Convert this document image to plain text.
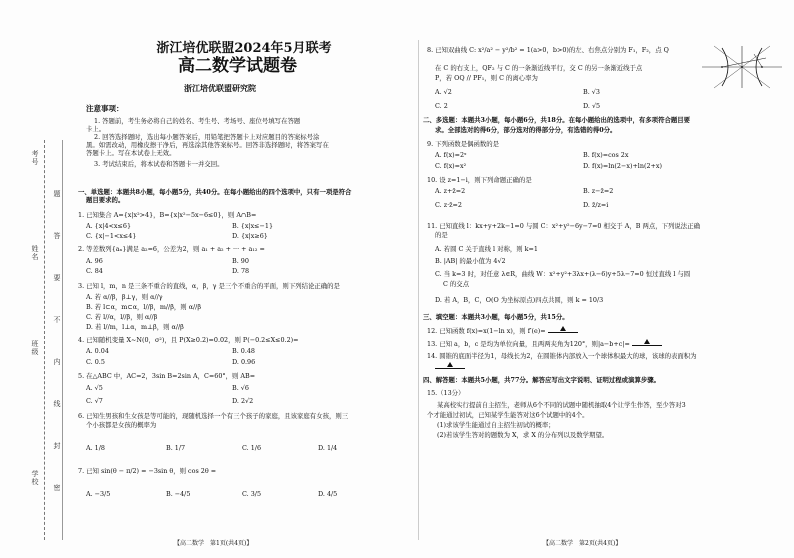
考号
姓名
班级
学校 题　答　要　不　内　线　封　密
浙江培优联盟2024年5月联考
高二数学试题卷
浙江培优联盟研究院
注意事项：
1. 答题前，考生务必将自己的姓名、考生号、考场号、座位号填写在答题
卡上。
2. 回答选择题时，选出每小题答案后，用铅笔把答题卡上对应题目的答案标号涂
黑。如需改动，用橡皮擦干净后，再选涂其他答案标号。回答非选择题时，将答案写在
答题卡上。写在本试卷上无效。
3. 考试结束后，将本试卷和答题卡一并交回。
一、单选题：本题共8小题，每小题5分，共40分。在每小题给出的四个选项中，只有一项是符合
题目要求的。
1. 已知集合 A={x|x²>4}，B={x|x²−5x−6≤0}，则 A∩B=
A. {x|4<x≤6}	B. {x|x≤−1}
C. {x|−1<x≤4}	D. {x|x≥6}
2. 等差数列{aₙ}满足 a₂=6，公差为2，则 a₁ + a₂ + ··· + a₁₂ =
A. 96	B. 90
C. 84	D. 78
3. 已知 l，m，n 是三条不重合的直线，α，β，γ 是三个不重合的平面，则下列结论正确的是
A. 若 α//β，β⊥γ，则 α//γ
B. 若 l⊂α，m⊂α，l//β，m//β，则 α//β
C. 若 l//α，l//β，则 α//β
D. 若 l//m，l⊥α，m⊥β，则 α//β
4. 已知随机变量 X~N(0，σ²)，且 P(X≥0.2)=0.02，则 P(−0.2≤X≤0.2)=
A. 0.04	B. 0.48
C. 0.5	D. 0.96
5. 在△ABC 中，AC=2，3sin B=2sin A，C=60°，则 AB=
A. √5	B. √6
C. √7	D. 2√2
6. 已知生男孩和生女孩是等可能的，现随机选择一个有三个孩子的家庭，且该家庭有女孩，则三
个小孩都是女孩的概率为
A. 1/8	B. 1/7	C. 1/6	D. 1/4
7. 已知 sin(θ − π/2) = −3sin θ，则 cos 2θ =
A. −3/5	B. −4/5	C. 3/5	D. 4/5
【高二数学　第1页(共4页)】
8. 已知双曲线 C: x²/a² − y²/b² = 1(a>0，b>0)的左、右焦点分别为 F₁，F₂，点 Q
在 C 的右支上，QF₂ 与 C 的一条渐近线平行，交 C 的另一条渐近线于点
P，若 OQ // PF₁，则 C 的离心率为
A. √2	B. √3
C. 2	D. √5
二、多选题：本题共3小题，每小题6分，共18分。在每小题给出的选项中，有多项符合题目要
求。全部选对的得6分，部分选对的得部分分，有选错的得0分。
9. 下列函数是偶函数的是
A. f(x)=2ˣ	B. f(x)=cos 2x
C. f(x)=x²	D. f(x)=ln(2−x)+ln(2+x)
10. 设 z=1−i，则下列命题正确的是
A. z+z̄=2	B. z−z̄=2
C. z·z̄=2	D. z̄/z=i
11. 已知直线 l：kx+y+2k−1=0 与圆 C：x²+y²−6y−7=0 相交于 A，B 两点，下列说法正确
的是
A. 若圆 C 关于直线 l 对称，则 k=1
B. |AB| 的最小值为 4√2
C. 当 k=3 时，对任意 λ∈R，曲线 W：x²+y²+3λx+(λ−6)y+5λ−7=0 恒过直线 l 与圆
C 的交点
D. 若 A，B，C，O(O 为坐标原点)四点共圆，则 k = 10/3
三、填空题：本题共3小题，每小题5分，共15分。
12. 已知函数 f(x)=x(1−ln x)，则 f′(e)=
13. 已知 a，b，c 是均为单位向量，且两两夹角为120°，则|a−b+c|=
14. 圆锥的底面半径为1，母线长为2，在圆锥体内部放入一个球体积最大的球，该球的表面积为
四、解答题：本题共5小题，共77分。解答应写出文字说明、证明过程或演算步骤。
15.（13分）
某高校实行提前自主招生，老师从6个不同的试题中随机抽取4个让学生作答，至少答对3
个才能通过初试，已知某学生能答对这6个试题中的4个。
(1)求该学生能通过自主招生初试的概率；
(2)若该学生答对的题数为 X，求 X 的分布列以及数学期望。
【高二数学　第2页(共4页)】
